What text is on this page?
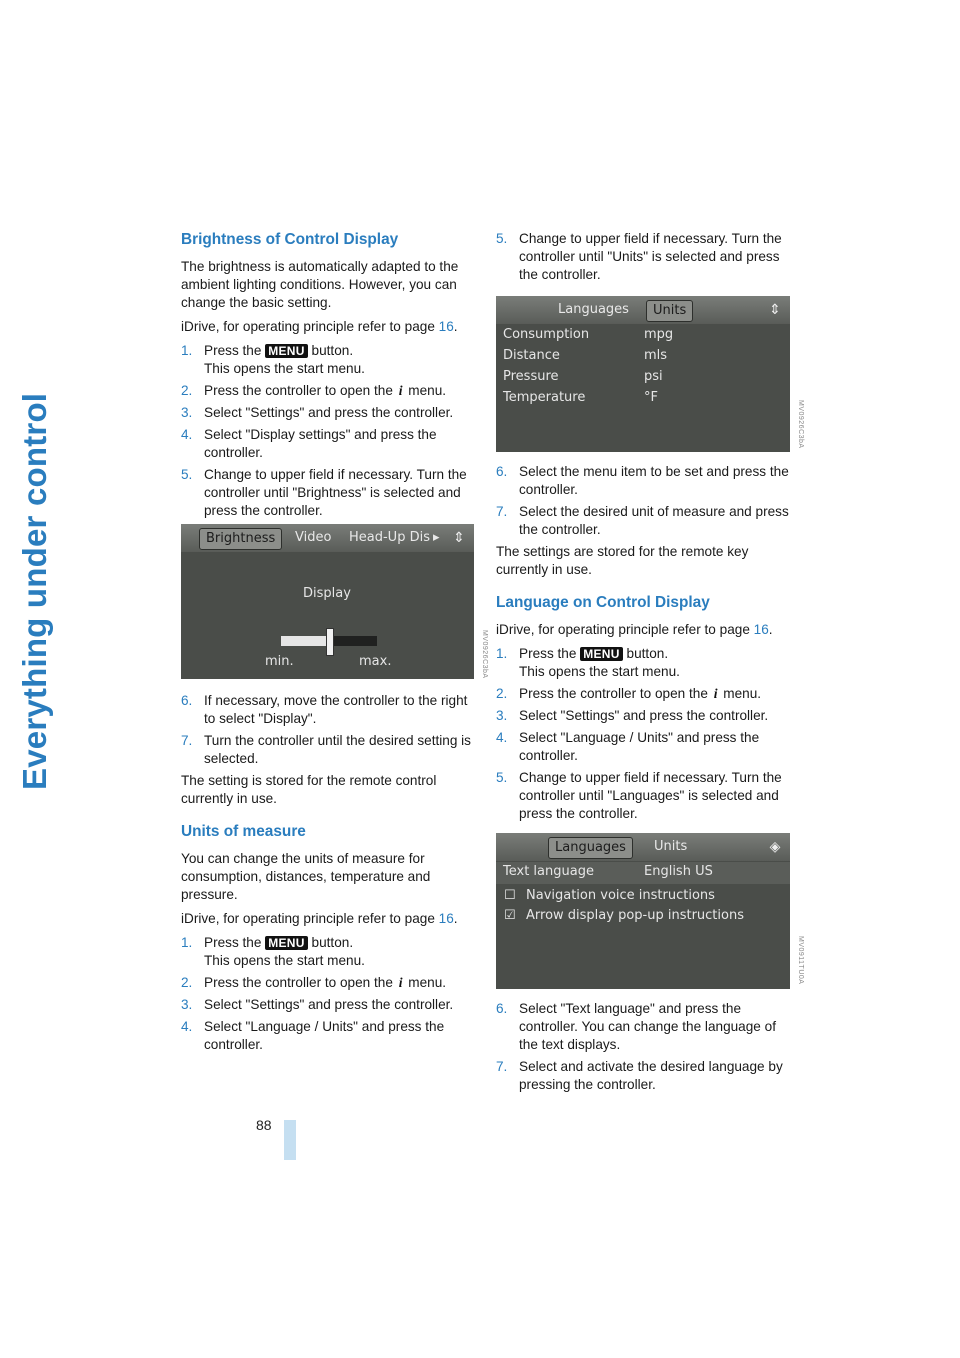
Everything under control
88
Brightness of Control Display

The brightness is automatically adapted to the ambient lighting conditions. However, you can change the basic setting.

iDrive, for operating principle refer to page 16.

1. Press the MENU button.
This opens the start menu.
2. Press the controller to open the i menu.
3. Select "Settings" and press the controller.
4. Select "Display settings" and press the controller.
5. Change to upper field if necessary. Turn the controller until "Brightness" is selected and press the controller.
Brightness	Video Head-Up Dis ▸ ⇕
Display
min.	max.	MV0926C3bA
6. If necessary, move the controller to the right to select "Display".
7. Turn the controller until the desired setting is selected.

The setting is stored for the remote control currently in use.

Units of measure

You can change the units of measure for consumption, distances, temperature and pressure.

iDrive, for operating principle refer to page 16.

1. Press the MENU button.
This opens the start menu.
2. Press the controller to open the i menu.
3. Select "Settings" and press the controller.
4. Select "Language / Units" and press the controller.
5. Change to upper field if necessary. Turn the controller until "Units" is selected and press the controller.
Languages	Units	⇕
Consumption	mpg
Distance	mls
Pressure	psi
Temperature	°F
MV0926C3bA
6. Select the menu item to be set and press the controller.
7. Select the desired unit of measure and press the controller.

The settings are stored for the remote key currently in use.

Language on Control Display

iDrive, for operating principle refer to page 16.

1. Press the MENU button.
This opens the start menu.
2. Press the controller to open the i menu.
3. Select "Settings" and press the controller.
4. Select "Language / Units" and press the controller.
5. Change to upper field if necessary. Turn the controller until "Languages" is selected and press the controller.
Languages	Units	◈
Text language	English US
☐ Navigation voice instructions
☑ Arrow display pop-up instructions
MV0911TU0A
6. Select "Text language" and press the controller. You can change the language of the text displays.
7. Select and activate the desired language by pressing the controller.
